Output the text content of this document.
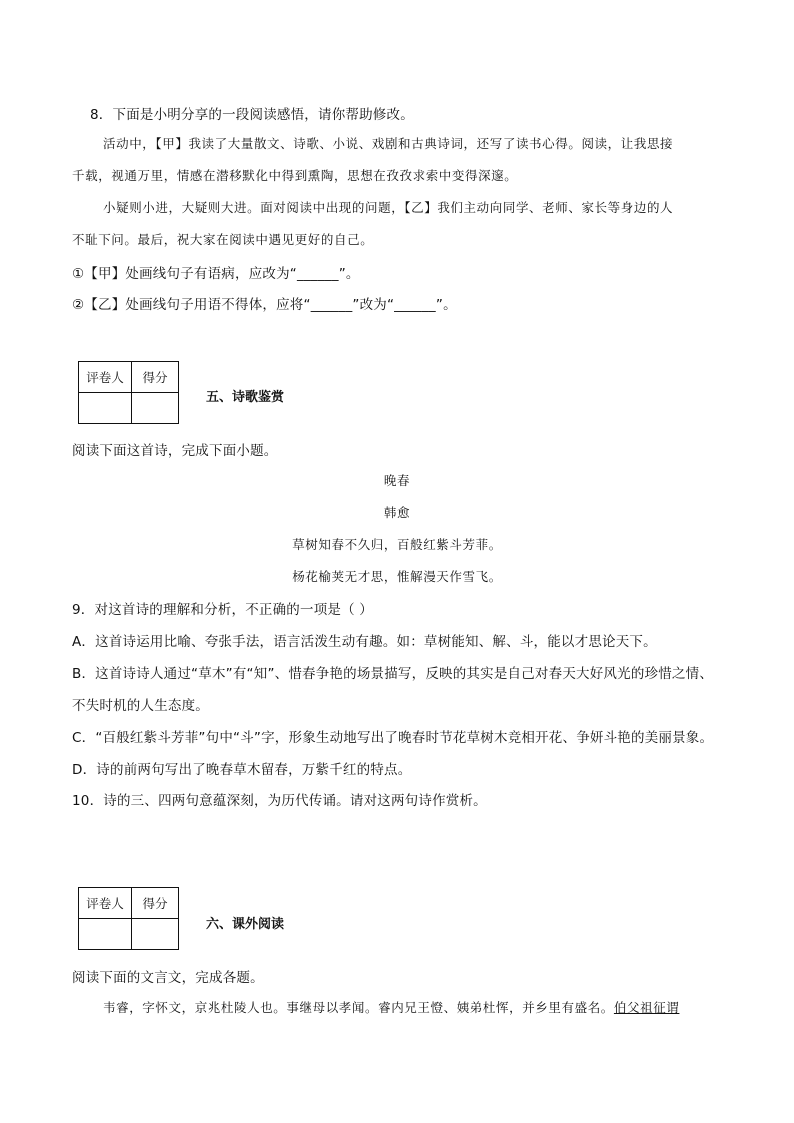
8．下面是小明分享的一段阅读感悟，请你帮助修改。
活动中，【甲】我读了大量散文、诗歌、小说、戏剧和古典诗词，还写了读书心得。阅读，让我思接
千载，视通万里，情感在潜移默化中得到熏陶，思想在孜孜求索中变得深邃。
小疑则小进，大疑则大进。面对阅读中出现的问题，【乙】我们主动向同学、老师、家长等身边的人
不耻下问。最后，祝大家在阅读中遇见更好的自己。
①【甲】处画线句子有语病，应改为“______”。
②【乙】处画线句子用语不得体，应将“______”改为“______”。
评卷人	得分

五、诗歌鉴赏
阅读下面这首诗，完成下面小题。
晚春
韩愈
草树知春不久归，百般红紫斗芳菲。
杨花榆荚无才思，惟解漫天作雪飞。
9．对这首诗的理解和分析，不正确的一项是（ ）
A．这首诗运用比喻、夸张手法，语言活泼生动有趣。如：草树能知、解、斗，能以才思论天下。
B．这首诗诗人通过“草木”有“知”、惜春争艳的场景描写，反映的其实是自己对春天大好风光的珍惜之情、
不失时机的人生态度。
C．“百般红紫斗芳菲”句中“斗”字，形象生动地写出了晚春时节花草树木竞相开花、争妍斗艳的美丽景象。
D．诗的前两句写出了晚春草木留春，万紫千红的特点。
10．诗的三、四两句意蕴深刻，为历代传诵。请对这两句诗作赏析。
评卷人	得分

六、课外阅读
阅读下面的文言文，完成各题。
韦睿，字怀文，京兆杜陵人也。事继母以孝闻。睿内兄王憕、姨弟杜恽，并乡里有盛名。伯父祖征谓
